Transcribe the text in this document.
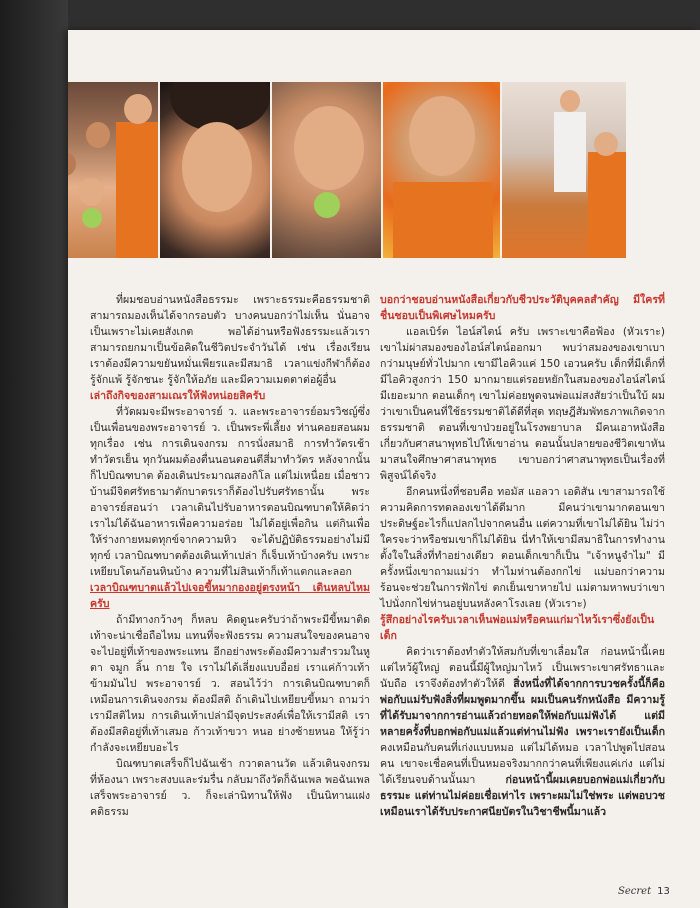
ที่ผมชอบอ่านหนังสือธรรมะ เพราะธรรมะคือธรรมชาติ สามารถมองเห็นได้จากรอบตัว บางคนบอกว่าไม่เห็น นั่นอาจเป็นเพราะไม่เคยสังเกต พอได้อ่านหรือฟังธรรมะแล้วเราสามารถยกมาเป็นข้อคิดในชีวิตประจำวันได้ เช่น เรื่องเรียน เราต้องมีความขยันหมั่นเพียรและมีสมาธิ เวลาแข่งกีฬาก็ต้องรู้จักแพ้ รู้จักชนะ รู้จักให้อภัย และมีความเมตตาต่อผู้อื่น

เล่าถึงกิจของสามเณรให้ฟังหน่อยสิครับ

ที่วัดผมจะมีพระอาจารย์ ว. และพระอาจารย์อมรวิชญ์ซึ่งเป็นเพื่อนของพระอาจารย์ ว. เป็นพระพี่เลี้ยง ท่านคอยสอนผมทุกเรื่อง เช่น การเดินจงกรม การนั่งสมาธิ การทำวัตรเช้า ทำวัตรเย็น ทุกวันผมต้องตื่นนอนตอนตีสี่มาทำวัตร หลังจากนั้นก็ไปบิณฑบาต ต้องเดินประมาณสองกิโล แต่ไม่เหนื่อย เมื่อชาวบ้านมีจิตศรัทธามาตักบาตรเราก็ต้องไปรับศรัทธานั้น พระอาจารย์สอนว่า เวลาเดินไปรับอาหารตอนบิณฑบาตให้คิดว่า เราไม่ได้ฉันอาหารเพื่อความอร่อย ไม่ได้อยู่เพื่อกิน แต่กินเพื่อให้ร่างกายหมดทุกข์จากความหิว จะได้ปฏิบัติธรรมอย่างไม่มีทุกข์ เวลาบิณฑบาตต้องเดินเท้าเปล่า ก็เจ็บเท้าบ้างครับ เพราะเหยียบโดนก้อนหินบ้าง ความที่ไม่สินเท้าก็เท้าแตกและลอก

เวลาบิณฑบาตแล้วไปเจอขี้หมากองอยู่ตรงหน้า เดินหลบไหมครับ

ถ้ามีทางกว้างๆ ก็หลบ คิดดูนะครับว่าถ้าพระมีขี้หมาติดเท้าจะน่าเชื่อถือไหม แทนที่จะฟังธรรม ความสนใจของคนอาจจะไปอยู่ที่เท้าของพระแทน อีกอย่างพระต้องมีความสำรวมในหู ตา จมูก ลิ้น กาย ใจ เราไม่ได้เลี่ยงแบบอื่อย่ เราแค่ก้าวเท้าข้ามมันไป พระอาจารย์ ว. สอนไว้ว่า การเดินบิณฑบาตก็เหมือนการเดินจงกรม ต้องมีสติ ถ้าเดินไปเหยียบขี้หมา ถามว่าเรามีสติไหม การเดินเท้าเปล่ามีจุดประสงค์เพื่อให้เรามีสติ เราต้องมีสติอยู่ที่เท้าเสมอ ก้าวเท้าขวา หนอ ย่างซ้ายหนอ ให้รู้ว่ากำลังจะเหยียบอะไร

บิณฑบาตเสร็จก็ไปฉันเช้า กวาดลานวัด แล้วเดินจงกรมที่ห้องนา เพราะสงบและร่มรื่น กลับมาถึงวัดก็ฉันเพล พอฉันเพลเสร็จพระอาจารย์ ว. ก็จะเล่านิทานให้ฟัง เป็นนิทานแฝงคติธรรม

บอกว่าชอบอ่านหนังสือเกี่ยวกับชีวประวัติบุคคลสำคัญ มีใครที่ชื่นชอบเป็นพิเศษไหมครับ

แอลเบิร์ต ไอน์สไตน์ ครับ เพราะเขาคือฟ้อง (หัวเราะ) เขาไม่ผ่าสมองของไอน์สไตน์ออกมา พบว่าสมองของเขาเบากว่ามนุษย์ทั่วไปมาก เขามีไอคิวแค่ 150 เอวนครับ เด็กที่มีเด็กที่มีไอคิวสูงกว่า 150 มากมายแต่รอยหยักในสมองของไอน์สไตน์มีเยอะมาก ตอนเด็กๆ เขาไม่ค่อยพูดจนพ่อแม่สงสัยว่าเป็นใบ้ ผมว่าเขาเป็นคนที่ใช้ธรรมชาติได้ดีที่สุด ทฤษฎีสัมพัทธภาพเกิดจากธรรมชาติ ตอนที่เขาป่วยอยู่ในโรงพยาบาล มีคนเอาหนังสือเกี่ยวกับศาสนาพุทธไปให้เขาอ่าน ตอนนั้นปลายของชีวิตเขาหันมาสนใจศึกษาศาสนาพุทธ เขาบอกว่าศาสนาพุทธเป็นเรื่องที่พิสูจน์ได้จริง

อีกคนหนึ่งที่ชอบคือ ทอมัส แอลวา เอดิสัน เขาสามารถใช้ความคิดการทดลองเขาได้ดีมาก มีคนว่าเขามากตอนเขาประดิษฐ์อะไรก็แปลกไปจากคนอื่น แต่ความที่เขาไม่ได้ยิน ไม่ว่าใครจะว่าหรือชมเขาก็ไม่ได้ยิน นี่ทำให้เขามีสมาธิในการทำงาน ตั้งใจในสิ่งที่ทำอย่างเดียว ตอนเด็กเขาก็เป็น "เจ้าหนูจำไม" มีครั้งหนึ่งเขาถามแม่ว่า ทำไมห่านต้องกกไข่ แม่บอกว่าความร้อนจะช่วยในการฟักไข่ ตกเย็นเขาหายไป แม่ตามหาพบว่าเขาไปนั่งกกไข่ห่านอยู่บนหลังคาโรงเลย (หัวเราะ)

รู้สึกอย่างไรครับเวลาเห็นพ่อแม่หรือคนแก่มาไหว้เราซึ่งยังเป็นเด็ก

คิดว่าเราต้องทำตัวให้สมกับที่เขาเลื่อมใส ก่อนหน้านี้เคยแต่ไหว้ผู้ใหญ่ ตอนนี้มีผู้ใหญ่มาไหว้ เป็นเพราะเขาศรัทธาและนับถือ เราจึงต้องทำตัวให้ดี สิ่งหนึ่งที่ได้จากการบวชครั้งนี้ก็คือ พ่อกับแม่รับฟังสิ่งที่ผมพูดมากขึ้น ผมเป็นคนรักหนังสือ มีความรู้ที่ได้รับมาจากการอ่านแล้วถ่ายทอดให้พ่อกับแม่ฟังได้ แต่มีหลายครั้งที่บอกพ่อกับแม่แล้วแต่ท่านไม่ฟัง เพราะเรายังเป็นเด็ก คงเหมือนกับคนที่เก่งแบบหมอ แต่ไม่ได้หมอ เวลาไปพูดไปสอนคน เขาจะเชื่อคนที่เป็นหมอจริงมากกว่าคนที่เพียงแค่เก่ง แต่ไม่ได้เรียนจบด้านนั้นมา	ก่อนหน้านี้ผมเคยบอกพ่อแม่เกี่ยวกับธรรมะ แต่ท่านไม่ค่อยเชื่อเท่าไร เพราะผมไม่ใช่พระ แต่พอบวช เหมือนเราได้รับประกาศนียบัตรในวิชาชีพนี้มาแล้ว

Secret 13
